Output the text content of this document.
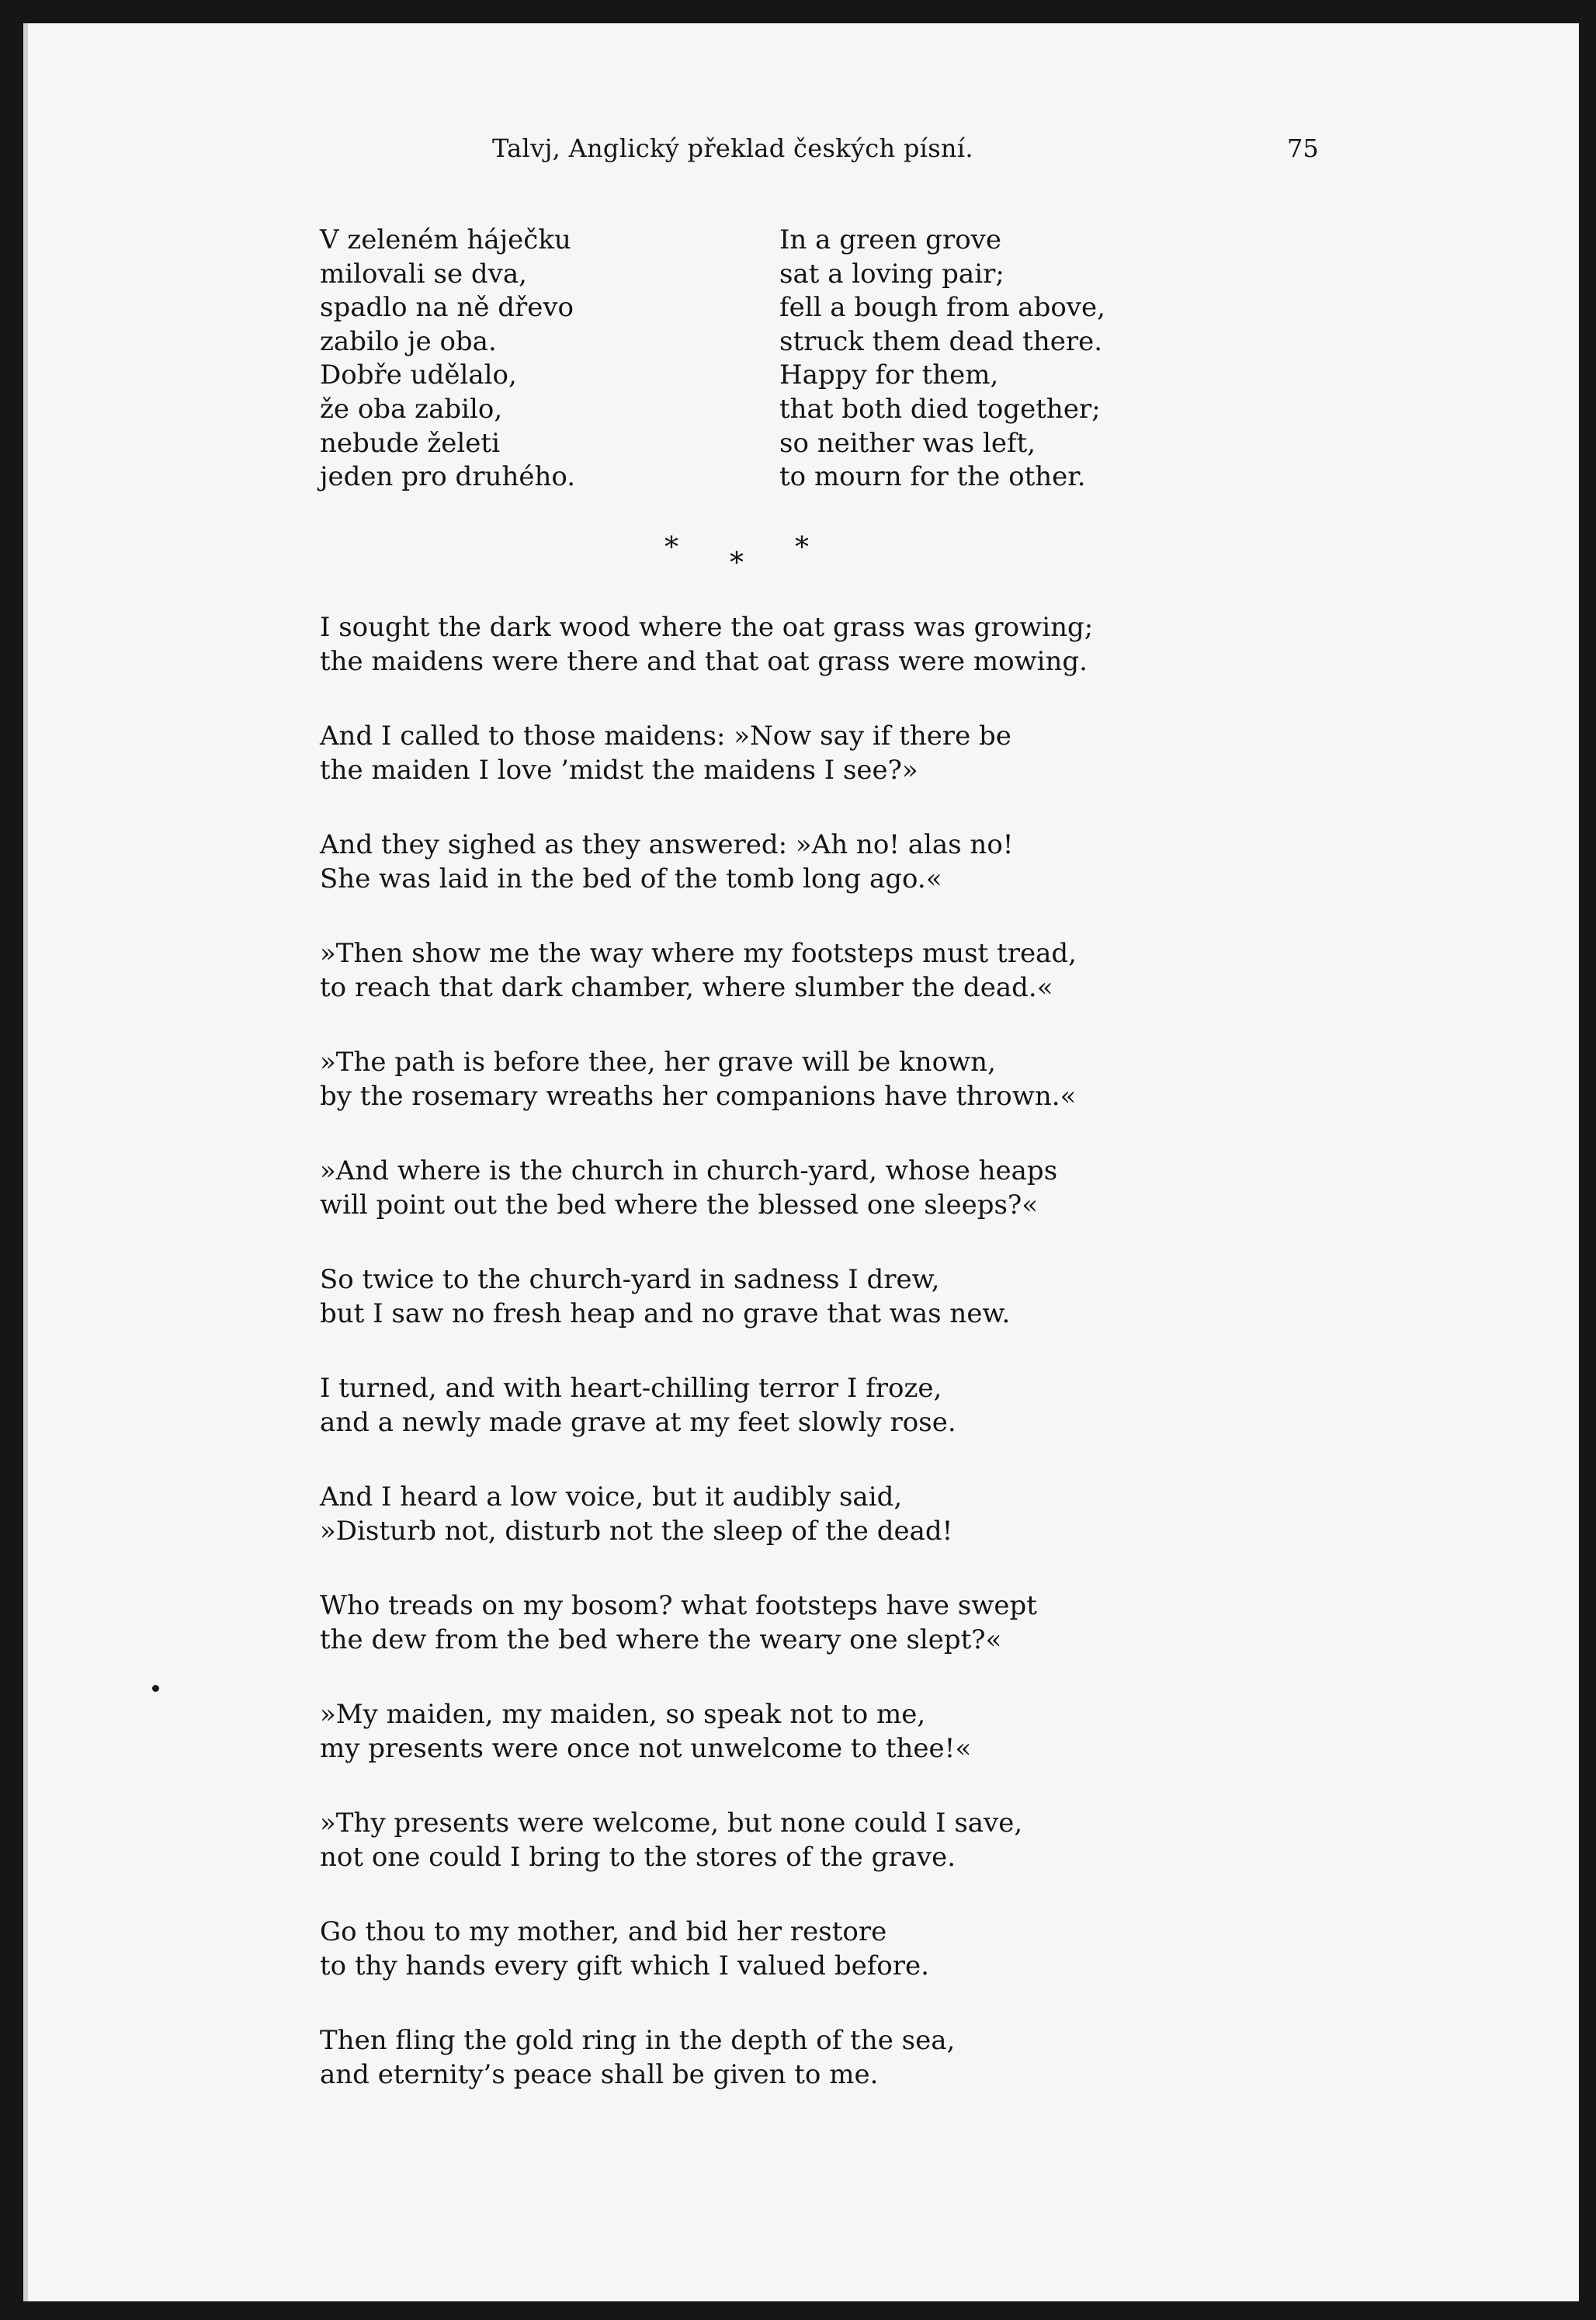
Talvj, Anglický překlad českých písní.	75
V zeleném háječku
milovali se dva,
spadlo na ně dřevo
zabilo je oba.
Dobře udělalo,
že oba zabilo,
nebude želeti
jeden pro druhého.
In a green grove
sat a loving pair;
fell a bough from above,
struck them dead there.
Happy for them,
that both died together;
so neither was left,
to mourn for the other.
* * *
I sought the dark wood where the oat grass was growing;
the maidens were there and that oat grass were mowing.
And I called to those maidens: »Now say if there be
the maiden I love ’midst the maidens I see?»
And they sighed as they answered: »Ah no! alas no!
She was laid in the bed of the tomb long ago.«
»Then show me the way where my footsteps must tread,
to reach that dark chamber, where slumber the dead.«
»The path is before thee, her grave will be known,
by the rosemary wreaths her companions have thrown.«
»And where is the church in church-yard, whose heaps
will point out the bed where the blessed one sleeps?«
So twice to the church-yard in sadness I drew,
but I saw no fresh heap and no grave that was new.
I turned, and with heart-chilling terror I froze,
and a newly made grave at my feet slowly rose.
And I heard a low voice, but it audibly said,
»Disturb not, disturb not the sleep of the dead!
Who treads on my bosom? what footsteps have swept
the dew from the bed where the weary one slept?«
»My maiden, my maiden, so speak not to me,
my presents were once not unwelcome to thee!«
»Thy presents were welcome, but none could I save,
not one could I bring to the stores of the grave.
Go thou to my mother, and bid her restore
to thy hands every gift which I valued before.
Then fling the gold ring in the depth of the sea,
and eternity’s peace shall be given to me.
